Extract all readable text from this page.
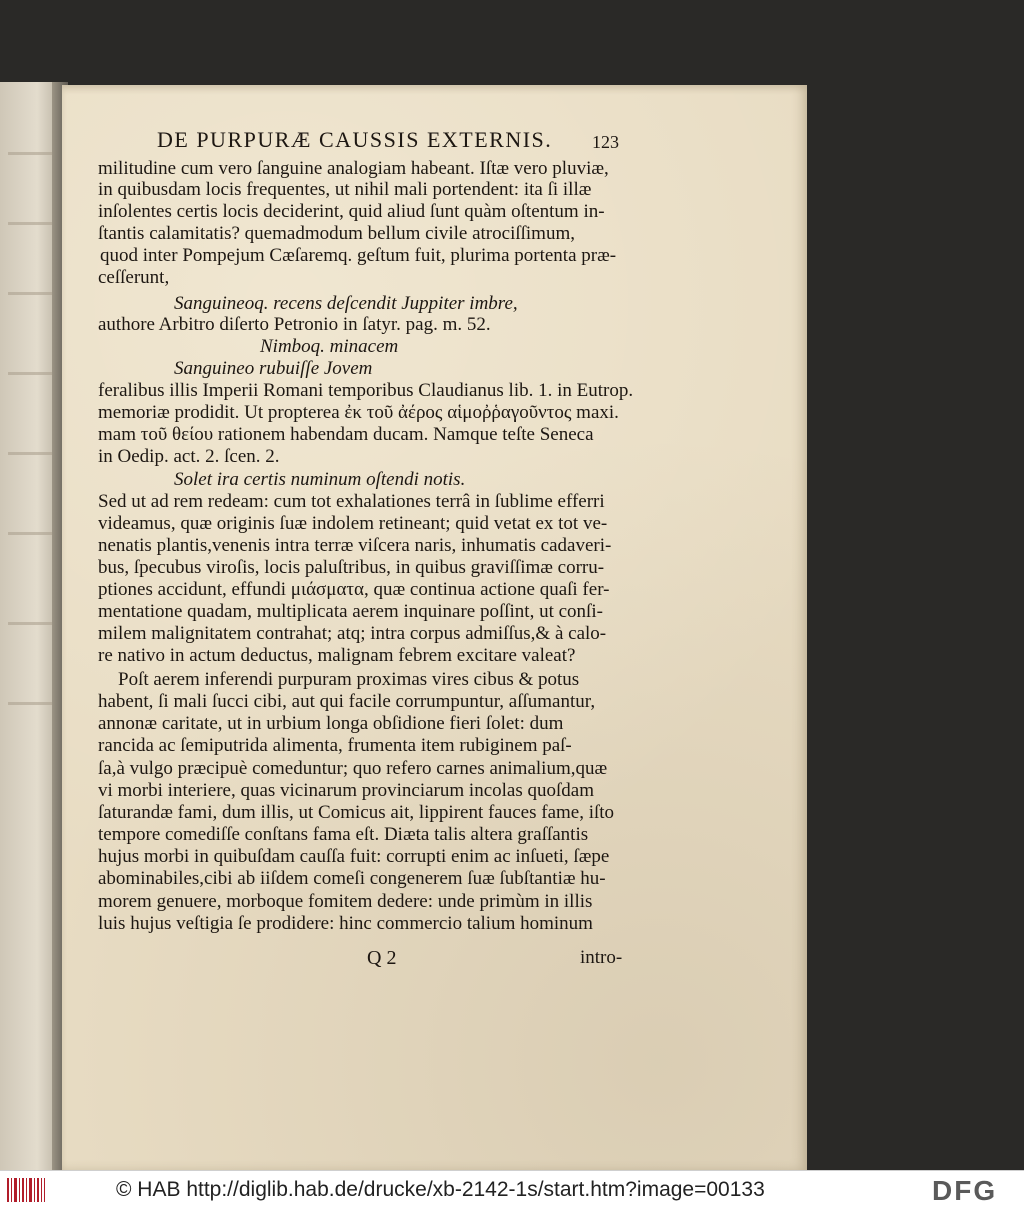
DE PURPURÆ CAUSSIS EXTERNIS. 123
militudine cum vero ſanguine analogiam habeant. Iſtæ vero pluviæ,
in quibusdam locis frequentes, ut nihil mali portendent: ita ſi illæ
inſolentes certis locis deciderint, quid aliud ſunt quàm oſtentum in-
ſtantis calamitatis? quemadmodum bellum civile atrociſſimum,
quod inter Pompejum Cæſaremq. geſtum fuit, plurima portenta præ-
ceſſerunt,
Sanguineoq. recens deſcendit Juppiter imbre,
authore Arbitro diſerto Petronio in ſatyr. pag. m. 52.
Nimboq. minacem
Sanguineo rubuiſſe Jovem
feralibus illis Imperii Romani temporibus Claudianus lib. 1. in Eutrop.
memoriæ prodidit. Ut propterea ἐκ τοῦ ἀέρος αἱμοῤῥαγοῦντος maxi.
mam τοῦ θείου rationem habendam ducam. Namque teſte Seneca
in Oedip. act. 2. ſcen. 2.
Solet ira certis numinum oſtendi notis.
Sed ut ad rem redeam: cum tot exhalationes terrâ in ſublime efferri
videamus, quæ originis ſuæ indolem retineant; quid vetat ex tot ve-
nenatis plantis,venenis intra terræ viſcera naris, inhumatis cadaveri-
bus, ſpecubus viroſis, locis paluſtribus, in quibus graviſſimæ corru-
ptiones accidunt, effundi μιάσματα, quæ continua actione quaſi fer-
mentatione quadam, multiplicata aerem inquinare poſſint, ut conſi-
milem malignitatem contrahat; atq; intra corpus admiſſus,& à calo-
re nativo in actum deductus, malignam febrem excitare valeat?
Poſt aerem inferendi purpuram proximas vires cibus & potus
habent, ſi mali ſucci cibi, aut qui facile corrumpuntur, aſſumantur,
annonæ caritate, ut in urbium longa obſidione fieri ſolet: dum
rancida ac ſemiputrida alimenta, frumenta item rubiginem paſ-
ſa,à vulgo præcipuè comeduntur; quo refero carnes animalium,quæ
vi morbi interiere, quas vicinarum provinciarum incolas quoſdam
ſaturandæ fami, dum illis, ut Comicus ait, lippirent fauces fame, iſto
tempore comediſſe conſtans fama eſt. Diæta talis altera graſſantis
hujus morbi in quibuſdam cauſſa fuit: corrupti enim ac inſueti, ſæpe
abominabiles,cibi ab iiſdem comeſi congenerem ſuæ ſubſtantiæ hu-
morem genuere, morboque fomitem dedere: unde primùm in illis
luis hujus veſtigia ſe prodidere: hinc commercio talium hominum
Q 2	intro-
© HAB http://diglib.hab.de/drucke/xb-2142-1s/start.htm?image=00133	DFG
